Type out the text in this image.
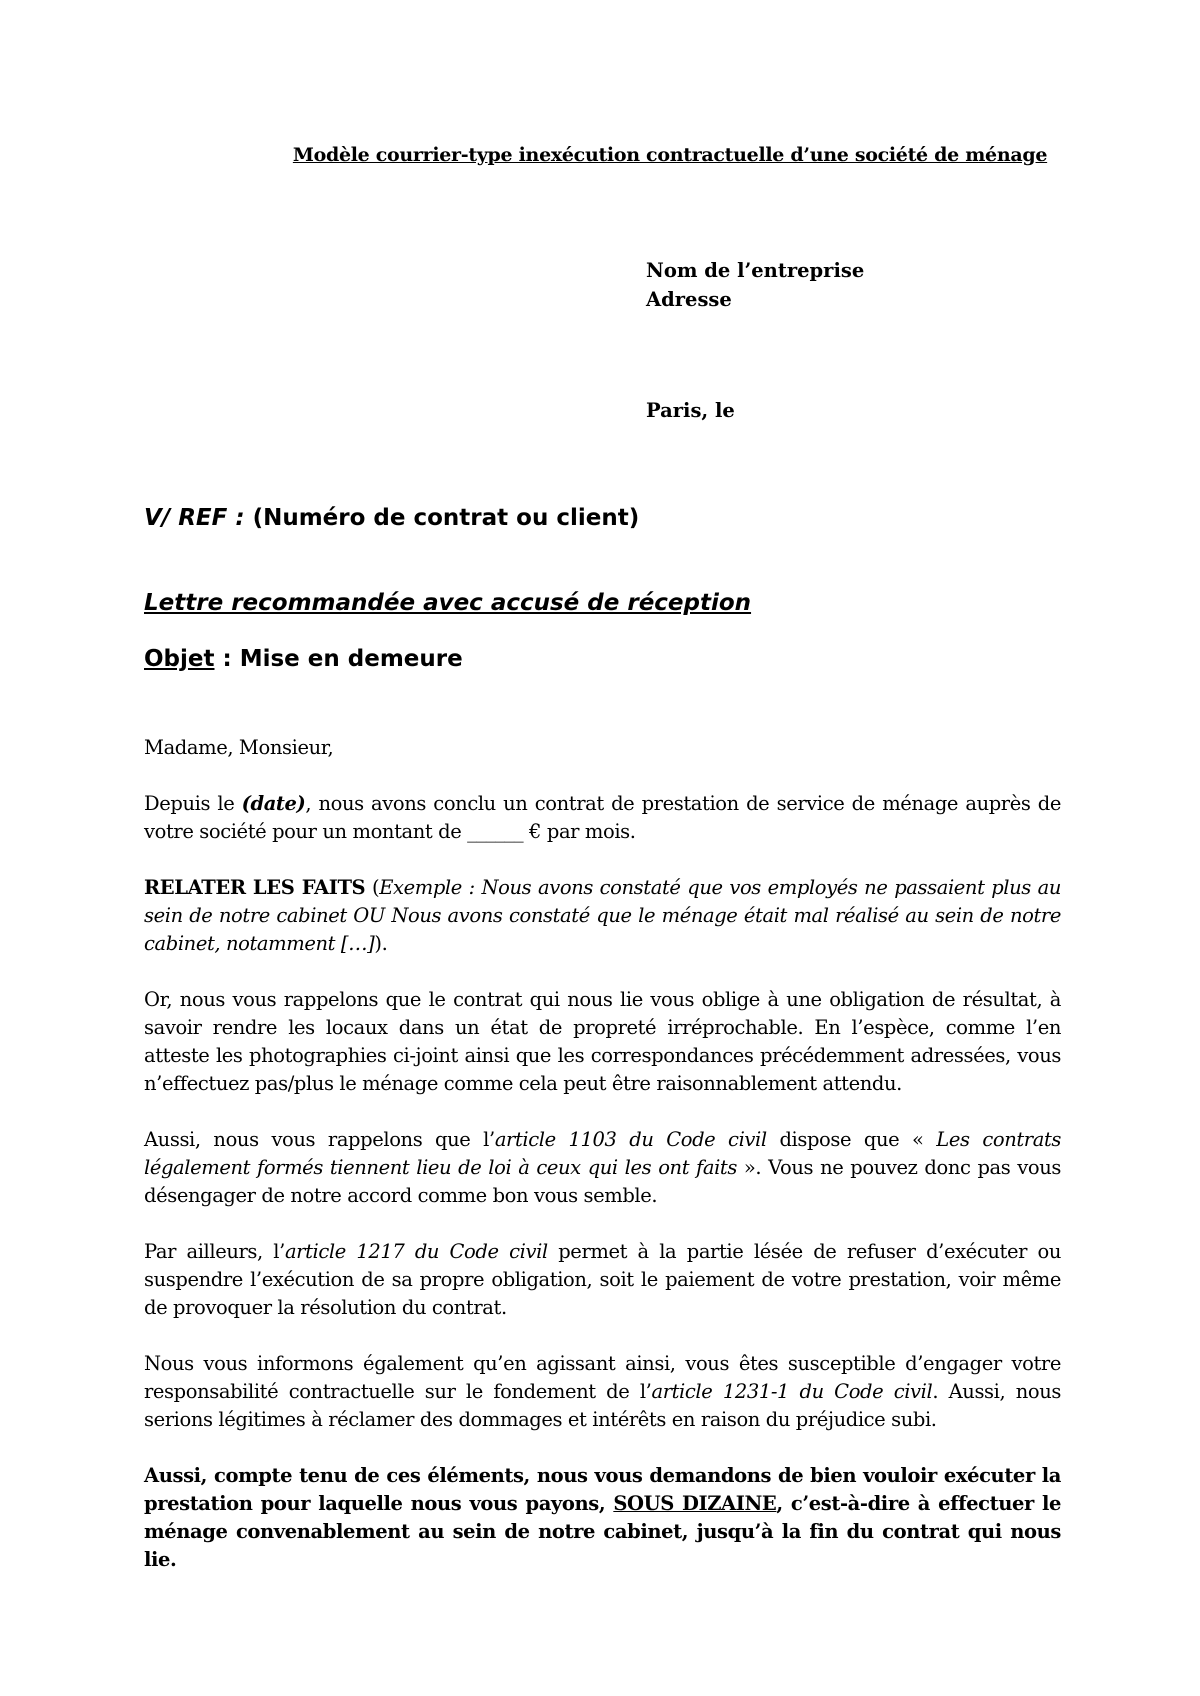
Modèle courrier-type inexécution contractuelle d’une société de ménage
Nom de l’entreprise
Adresse
Paris, le
V/ REF : (Numéro de contrat ou client)
Lettre recommandée avec accusé de réception
Objet : Mise en demeure
Madame, Monsieur,

Depuis le (date), nous avons conclu un contrat de prestation de service de ménage auprès de votre société pour un montant de ______ € par mois.

RELATER LES FAITS (Exemple : Nous avons constaté que vos employés ne passaient plus au sein de notre cabinet OU Nous avons constaté que le ménage était mal réalisé au sein de notre cabinet, notamment […]).

Or, nous vous rappelons que le contrat qui nous lie vous oblige à une obligation de résultat, à savoir rendre les locaux dans un état de propreté irréprochable. En l’espèce, comme l’en atteste les photographies ci-joint ainsi que les correspondances précédemment adressées, vous n’effectuez pas/plus le ménage comme cela peut être raisonnablement attendu.

Aussi, nous vous rappelons que l’article 1103 du Code civil dispose que « Les contrats légalement formés tiennent lieu de loi à ceux qui les ont faits ». Vous ne pouvez donc pas vous désengager de notre accord comme bon vous semble.

Par ailleurs, l’article 1217 du Code civil permet à la partie lésée de refuser d’exécuter ou suspendre l’exécution de sa propre obligation, soit le paiement de votre prestation, voir même de provoquer la résolution du contrat.

Nous vous informons également qu’en agissant ainsi, vous êtes susceptible d’engager votre responsabilité contractuelle sur le fondement de l’article 1231-1 du Code civil. Aussi, nous serions légitimes à réclamer des dommages et intérêts en raison du préjudice subi.

Aussi, compte tenu de ces éléments, nous vous demandons de bien vouloir exécuter la prestation pour laquelle nous vous payons, SOUS DIZAINE, c’est-à-dire à effectuer le ménage convenablement au sein de notre cabinet, jusqu’à la fin du contrat qui nous lie.
